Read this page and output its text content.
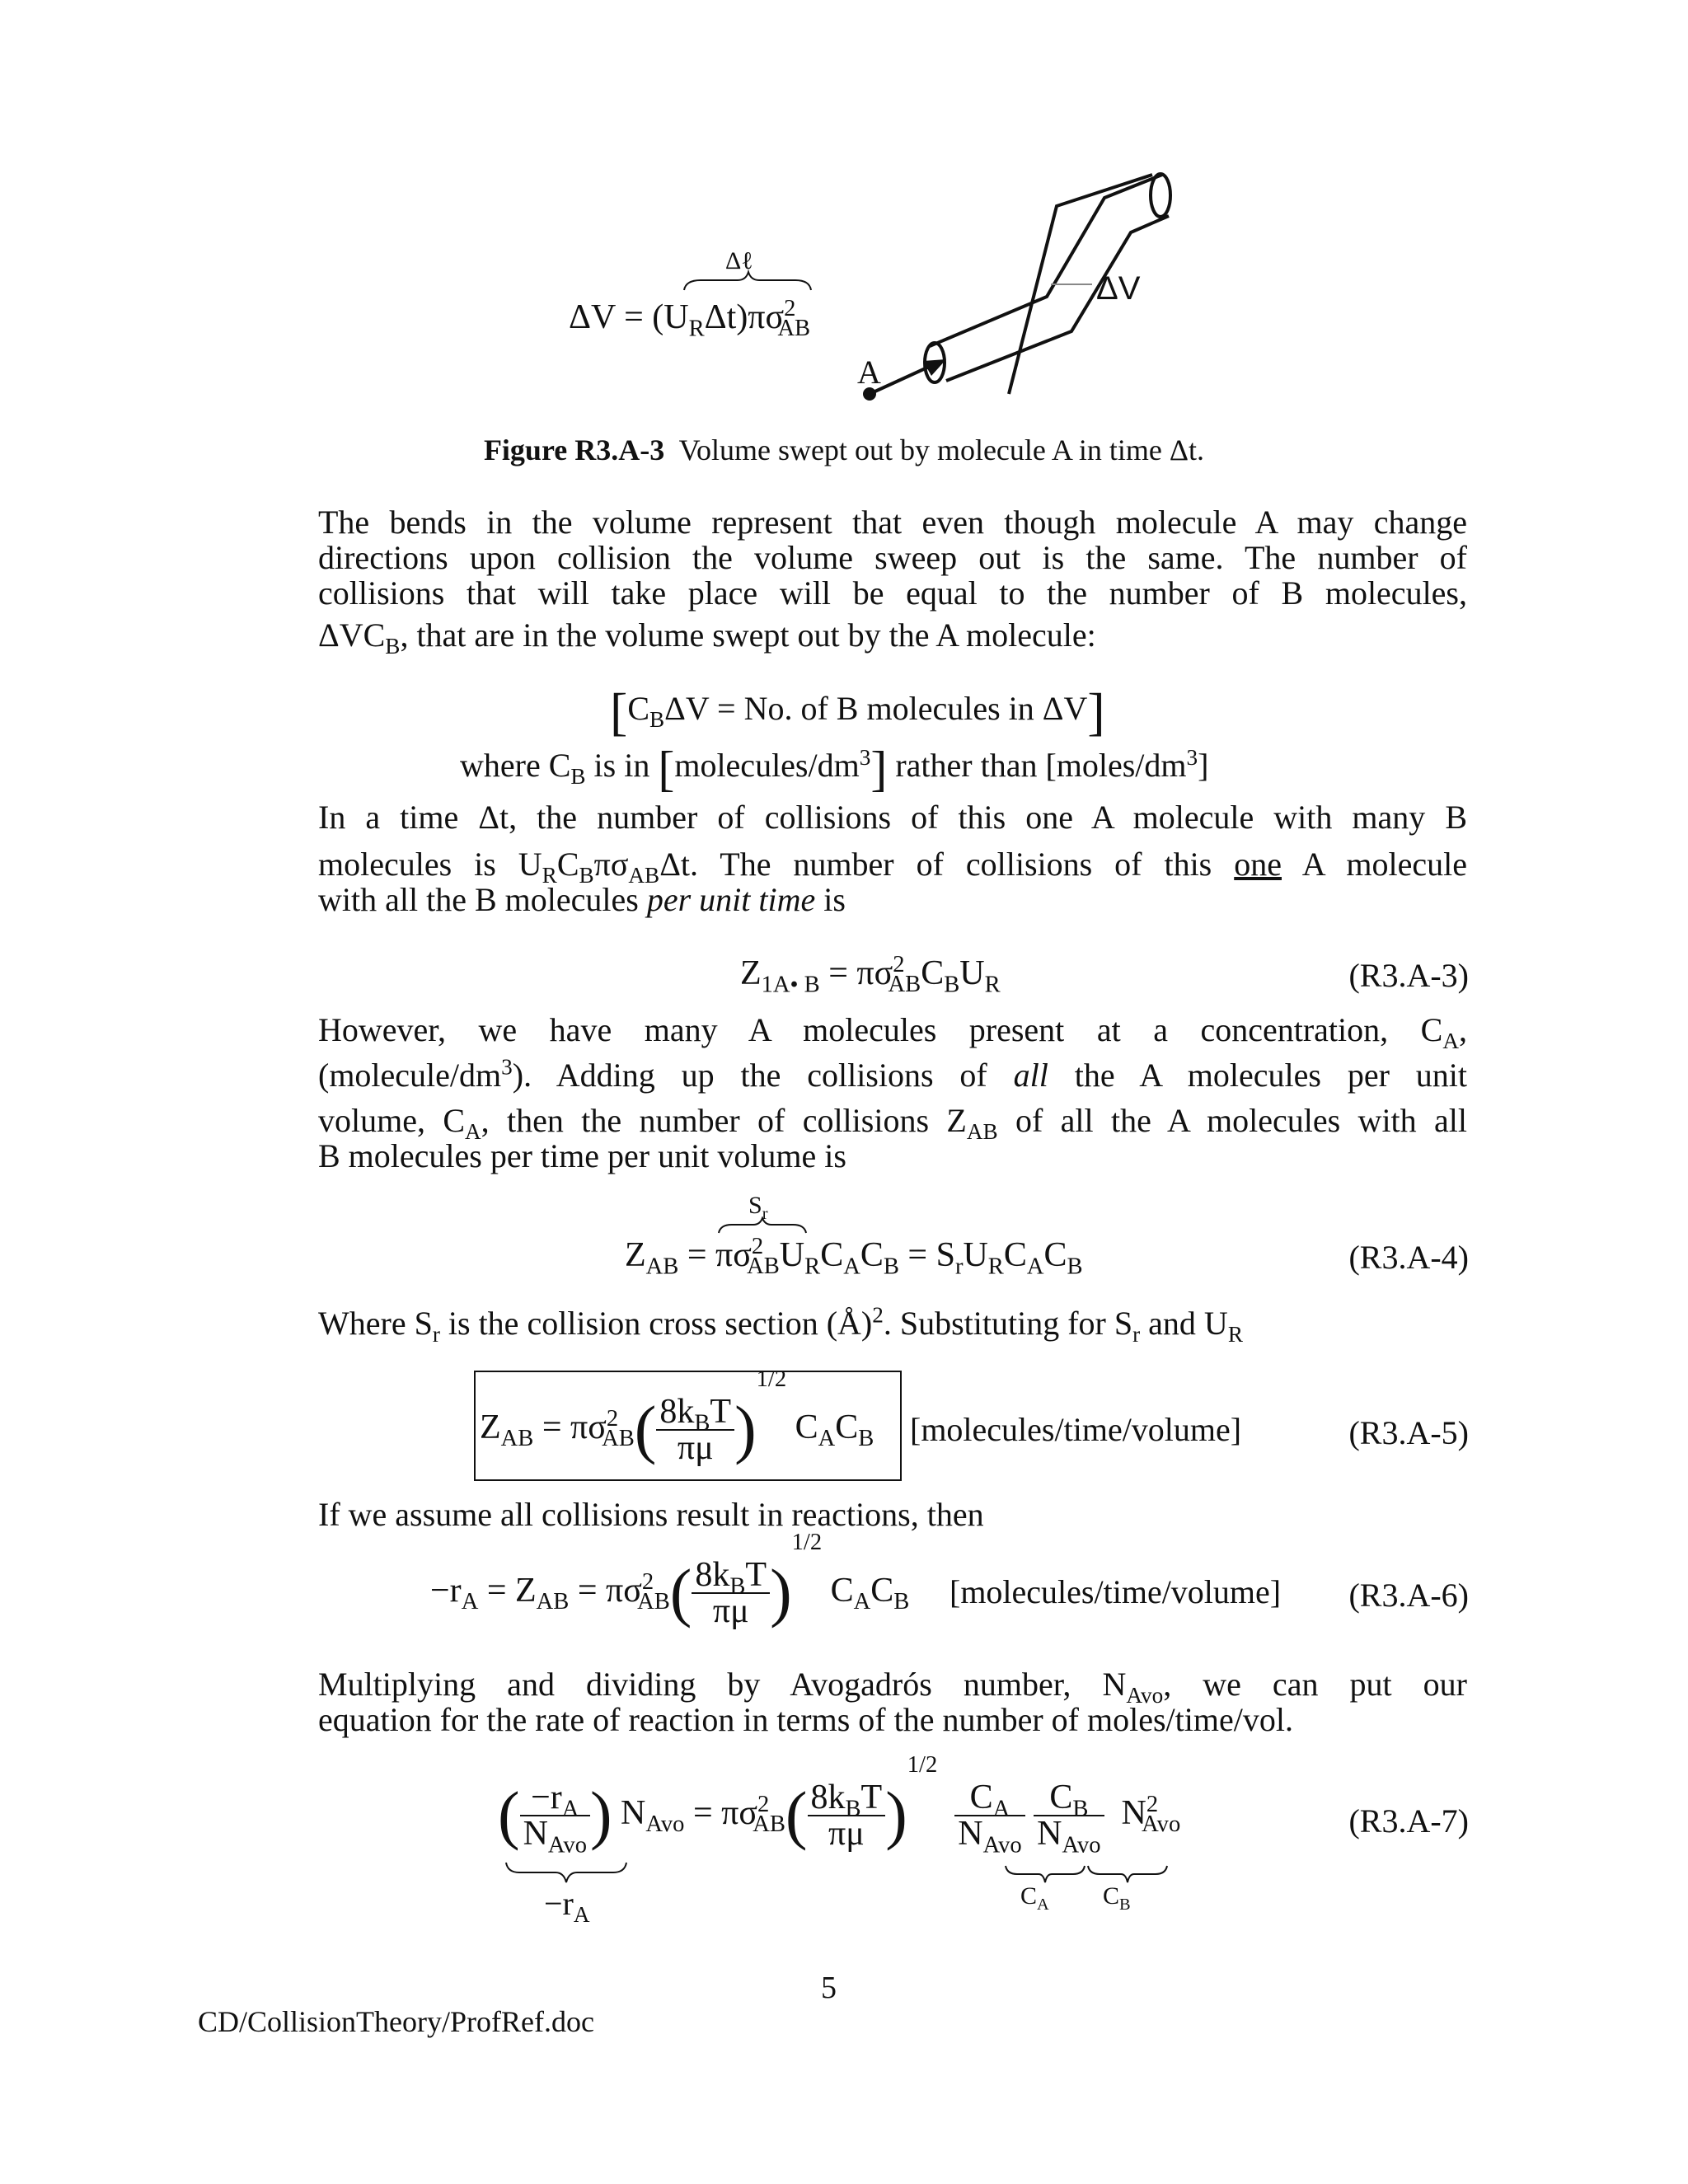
Δℓ
$\Delta V = (U_R\Delta t)\pi\sigma^2_{AB}$
ΔV
A
Figure R3.A-3 Volume swept out by molecule A in time Δt.
The bends in the volume represent that even though molecule A may change
directions upon collision the volume sweep out is the same. The number of
collisions that will take place will be equal to the number of B molecules,
$\Delta VC_B$, that are in the volume swept out by the A molecule:
[$C_B\Delta V = No$. of B molecules in ΔV]
where $C_B$ is in $[molecules/dm^3]$ rather than $[moles/dm^3]$
In a time Δt, the number of collisions of this one A molecule with many B
molecules is $U_RC_B\pi\sigma_{AB}\Delta t$. The number of collisions of this one A molecule
with all the B molecules per unit time is
$Z_{1A• B} = \pi\sigma^2_{AB}C_BU_R$	(R3.A-3)
However, we have many A molecules present at a concentration, $C_A$,
$(molecule/dm^3)$. Adding up the collisions of all the A molecules per unit
volume, $C_A$, then the number of collisions $Z_{AB}$ of all the A molecules with all
B molecules per time per unit volume is
$S_r$
$Z_{AB} = \pi\sigma^2_{AB}U_RC_AC_B = S_rU_RC_AC_B$	(R3.A-4)
Where $S_r$ is the collision cross section (Å)$^2$. Substituting for $S_r$ and $U_R$
$Z_{AB} = \pi\sigma^2_{AB}( \frac{8k_BT}{\pi\mu} )^{1/2}$ $C_AC_B$ [molecules/time/volume]	(R3.A-5)
If we assume all collisions result in reactions, then
$-r_A = Z_{AB} = \pi\sigma^2_{AB}( \frac{8k_BT}{\pi\mu} )^{1/2}$ $C_AC_B$ [molecules/time/volume] (R3.A-6)
Multiplying and dividing by Avogadrós number, $N_{Avo}$, we can put our
equation for the rate of reaction in terms of the number of moles/time/vol.
( $\frac{-r_A}{N_{Avo}}$ ) $N_{Avo} = \pi\sigma^2_{AB}( \frac{8k_BT}{\pi\mu} )^{1/2}$
$\frac{C_A}{N_{Avo}}$
$\frac{C_B}{N_{Avo}} N^2_{Avo}$	(R3.A-7)
$-r_A$
$C_A$ $C_B$
5
CD/CollisionTheory/ProfRef.doc
